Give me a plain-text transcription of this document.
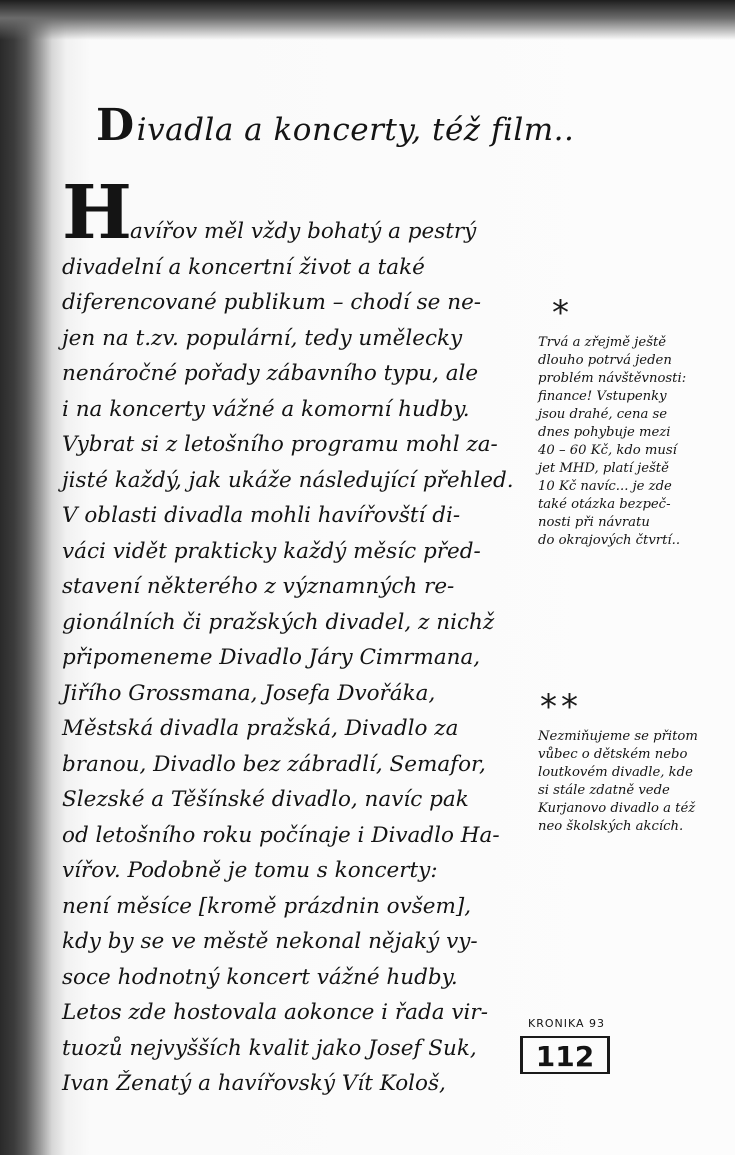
Divadla a koncerty, též film..
H
avířov měl vždy bohatý a pestrý
divadelní a koncertní život a také
diferencované publikum – chodí se ne-
jen na t.zv. populární, tedy umělecky
nenáročné pořady zábavního typu, ale
i na koncerty vážné a komorní hudby.
Vybrat si z letošního programu mohl za-
jisté každý, jak ukáže následující přehled.
V oblasti divadla mohli havířovští di-
váci vidět prakticky každý měsíc před-
stavení některého z významných re-
gionálních či pražských divadel, z nichž
připomeneme Divadlo Járy Cimrmana,
Jiřího Grossmana, Josefa Dvořáka,
Městská divadla pražská, Divadlo za
branou, Divadlo bez zábradlí, Semafor,
Slezské a Těšínské divadlo, navíc pak
od letošního roku počínaje i Divadlo Ha-
vířov. Podobně je tomu s koncerty:
není měsíce [kromě prázdnin ovšem],
kdy by se ve městě nekonal nějaký vy-
soce hodnotný koncert vážné hudby.
Letos zde hostovala aokonce i řada vir-
tuozů nejvyšších kvalit jako Josef Suk,
Ivan Ženatý a havířovský Vít Kološ,
*
Trvá a zřejmě ještě
dlouho potrvá jeden
problém návštěvnosti:
finance! Vstupenky
jsou drahé, cena se
dnes pohybuje mezi
40 – 60 Kč, kdo musí
jet MHD, platí ještě
10 Kč navíc... je zde
také otázka bezpeč-
nosti při návratu
do okrajových čtvrtí..
**
Nezmiňujeme se přitom
vůbec o dětském nebo
loutkovém divadle, kde
si stále zdatně vede
Kurjanovo divadlo a též
neo školských akcích.
KRONIKA 93
112
